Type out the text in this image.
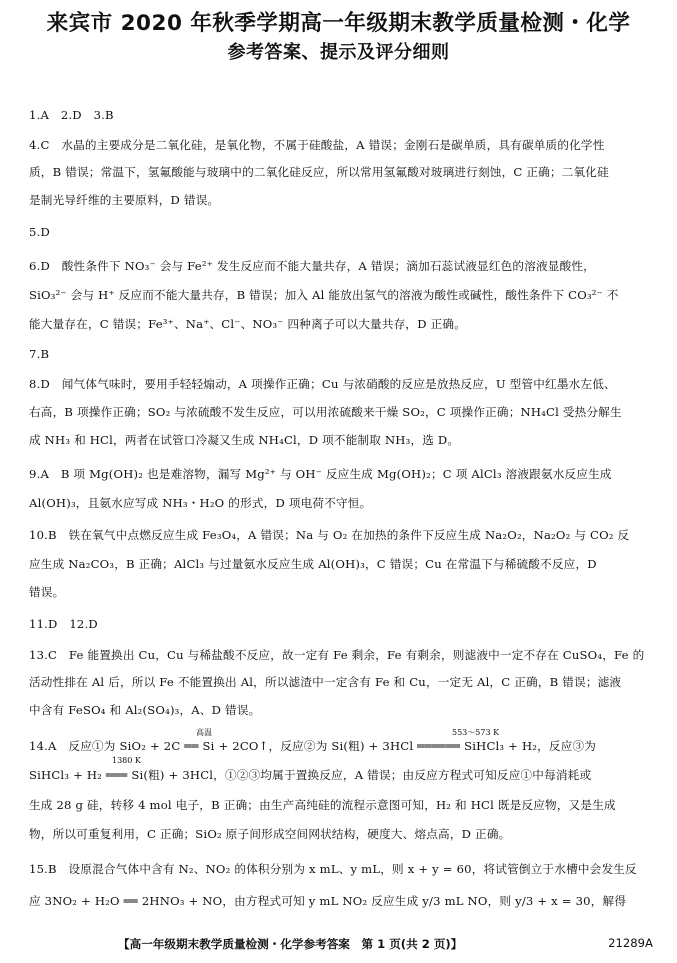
来宾市 2020 年秋季学期高一年级期末教学质量检测・化学
参考答案、提示及评分细则
1.A　2.D　3.B
4.C　水晶的主要成分是二氧化硅，是氧化物，不属于硅酸盐，A 错误；金刚石是碳单质，具有碳单质的化学性
质，B 错误；常温下，氢氟酸能与玻璃中的二氧化硅反应，所以常用氢氟酸对玻璃进行刻蚀，C 正确；二氧化硅
是制光导纤维的主要原料，D 错误。
5.D
6.D　酸性条件下 NO₃⁻ 会与 Fe²⁺ 发生反应而不能大量共存，A 错误；滴加石蕊试液显红色的溶液显酸性，
SiO₃²⁻ 会与 H⁺ 反应而不能大量共存，B 错误；加入 Al 能放出氢气的溶液为酸性或碱性，酸性条件下 CO₃²⁻ 不
能大量存在，C 错误；Fe³⁺、Na⁺、Cl⁻、NO₃⁻ 四种离子可以大量共存，D 正确。
7.B
8.D　闻气体气味时，要用手轻轻煽动，A 项操作正确；Cu 与浓硝酸的反应是放热反应，U 型管中红墨水左低、
右高，B 项操作正确；SO₂ 与浓硫酸不发生反应，可以用浓硫酸来干燥 SO₂，C 项操作正确；NH₄Cl 受热分解生
成 NH₃ 和 HCl，两者在试管口冷凝又生成 NH₄Cl，D 项不能制取 NH₃，选 D。
9.A　B 项 Mg(OH)₂ 也是难溶物，漏写 Mg²⁺ 与 OH⁻ 反应生成 Mg(OH)₂；C 项 AlCl₃ 溶液跟氨水反应生成
Al(OH)₃，且氨水应写成 NH₃・H₂O 的形式，D 项电荷不守恒。
10.B　铁在氧气中点燃反应生成 Fe₃O₄，A 错误；Na 与 O₂ 在加热的条件下反应生成 Na₂O₂，Na₂O₂ 与 CO₂ 反
应生成 Na₂CO₃，B 正确；AlCl₃ 与过量氨水反应生成 Al(OH)₃，C 错误；Cu 在常温下与稀硫酸不反应，D
错误。
11.D　12.D
13.C　Fe 能置换出 Cu，Cu 与稀盐酸不反应，故一定有 Fe 剩余，Fe 有剩余，则滤液中一定不存在 CuSO₄，Fe 的
活动性排在 Al 后，所以 Fe 不能置换出 Al，所以滤渣中一定含有 Fe 和 Cu，一定无 Al，C 正确，B 错误；滤液
中含有 FeSO₄ 和 Al₂(SO₄)₃，A、D 错误。
14.A　反应①为 SiO₂ + 2C ══ Si + 2CO↑，反应②为 Si(粗) + 3HCl ══════ SiHCl₃ + H₂，反应③为
高温	553～573 K
SiHCl₃ + H₂ ═══ Si(粗) + 3HCl，①②③均属于置换反应，A 错误；由反应方程式可知反应①中每消耗或
1380 K
生成 28 g 硅，转移 4 mol 电子，B 正确；由生产高纯硅的流程示意图可知，H₂ 和 HCl 既是反应物，又是生成
物，所以可重复利用，C 正确；SiO₂ 原子间形成空间网状结构，硬度大、熔点高，D 正确。
15.B　设原混合气体中含有 N₂、NO₂ 的体积分别为 x mL、y mL，则 x + y = 60，将试管倒立于水槽中会发生反
应 3NO₂ + H₂O ══ 2HNO₃ + NO，由方程式可知 y mL NO₂ 反应生成 y/3 mL NO，则 y/3 + x = 30，解得
【高一年级期末教学质量检测・化学参考答案　第 1 页(共 2 页)】	21289A
